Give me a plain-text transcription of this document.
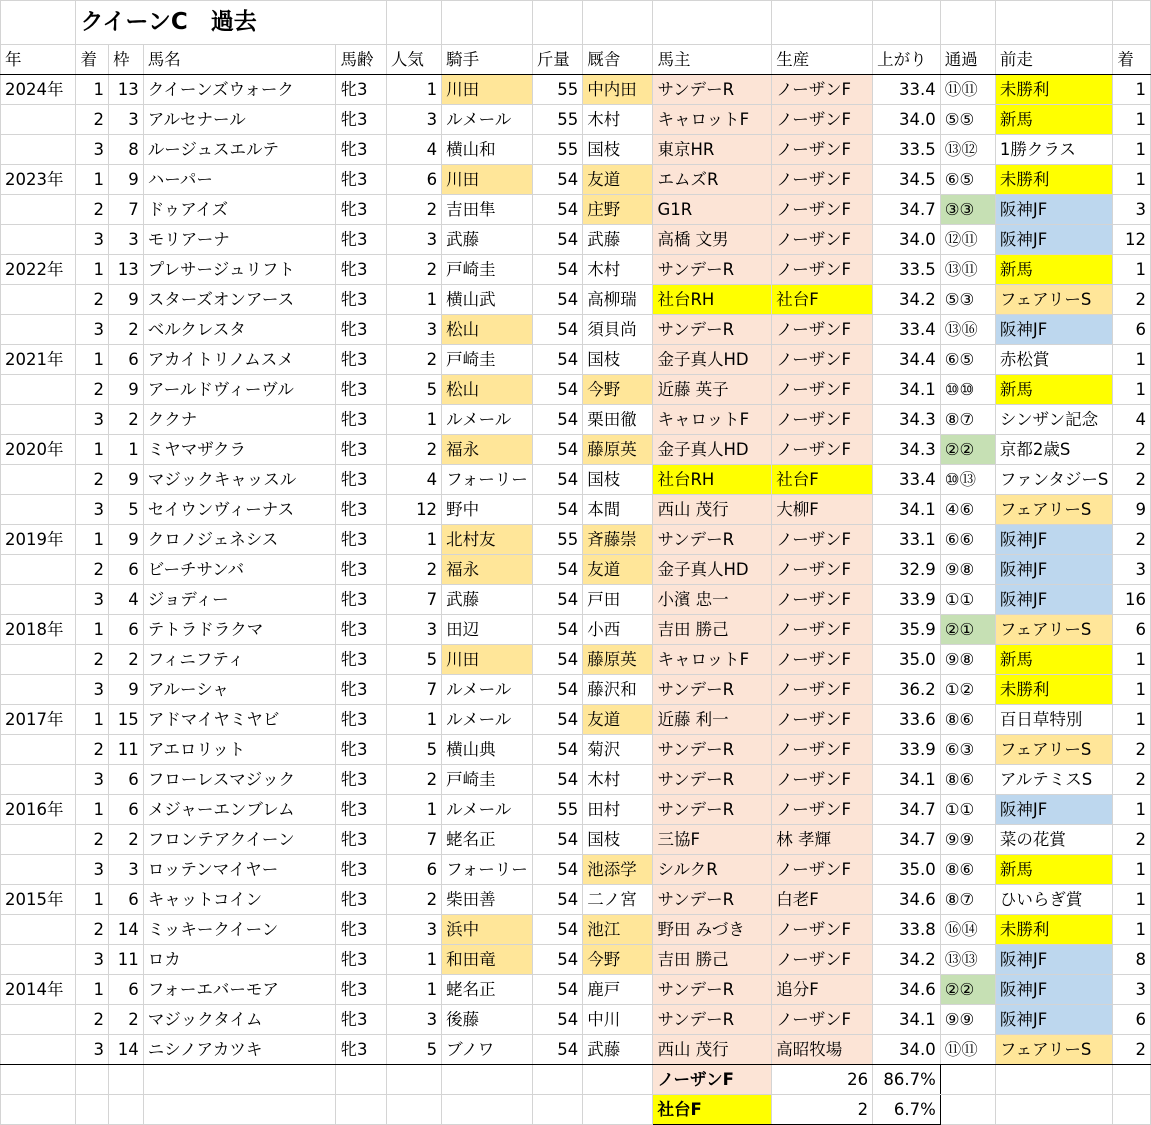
	クイーンC　過去													
年	着	枠	馬名	馬齢	人気	騎手	斤量	厩舎	馬主	生産	上がり	通過	前走	着
2024年	1	13	クイーンズウォーク	牝3	1	川田	55	中内田	サンデーR	ノーザンF	33.4	⑪⑪	未勝利	1
	2	3	アルセナール	牝3	3	ルメール	55	木村	キャロットF	ノーザンF	34.0	⑤⑤	新馬	1
	3	8	ルージュスエルテ	牝3	4	横山和	55	国枝	東京HR	ノーザンF	33.5	⑬⑫	1勝クラス	1
2023年	1	9	ハーパー	牝3	6	川田	54	友道	エムズR	ノーザンF	34.5	⑥⑤	未勝利	1
	2	7	ドゥアイズ	牝3	2	吉田隼	54	庄野	G1R	ノーザンF	34.7	③③	阪神JF	3
	3	3	モリアーナ	牝3	3	武藤	54	武藤	高橋 文男	ノーザンF	34.0	⑫⑪	阪神JF	12
2022年	1	13	プレサージュリフト	牝3	2	戸崎圭	54	木村	サンデーR	ノーザンF	33.5	⑬⑪	新馬	1
	2	9	スターズオンアース	牝3	1	横山武	54	高柳瑞	社台RH	社台F	34.2	⑤③	フェアリーS	2
	3	2	ベルクレスタ	牝3	3	松山	54	須貝尚	サンデーR	ノーザンF	33.4	⑬⑯	阪神JF	6
2021年	1	6	アカイトリノムスメ	牝3	2	戸崎圭	54	国枝	金子真人HD	ノーザンF	34.4	⑥⑤	赤松賞	1
	2	9	アールドヴィーヴル	牝3	5	松山	54	今野	近藤 英子	ノーザンF	34.1	⑩⑩	新馬	1
	3	2	ククナ	牝3	1	ルメール	54	栗田徹	キャロットF	ノーザンF	34.3	⑧⑦	シンザン記念	4
2020年	1	1	ミヤマザクラ	牝3	2	福永	54	藤原英	金子真人HD	ノーザンF	34.3	②②	京都2歳S	2
	2	9	マジックキャッスル	牝3	4	フォーリー	54	国枝	社台RH	社台F	33.4	⑩⑬	ファンタジーS	2
	3	5	セイウンヴィーナス	牝3	12	野中	54	本間	西山 茂行	大柳F	34.1	④⑥	フェアリーS	9
2019年	1	9	クロノジェネシス	牝3	1	北村友	55	斉藤崇	サンデーR	ノーザンF	33.1	⑥⑥	阪神JF	2
	2	6	ビーチサンバ	牝3	2	福永	54	友道	金子真人HD	ノーザンF	32.9	⑨⑧	阪神JF	3
	3	4	ジョディー	牝3	7	武藤	54	戸田	小濱 忠一	ノーザンF	33.9	①①	阪神JF	16
2018年	1	6	テトラドラクマ	牝3	3	田辺	54	小西	吉田 勝己	ノーザンF	35.9	②①	フェアリーS	6
	2	2	フィニフティ	牝3	5	川田	54	藤原英	キャロットF	ノーザンF	35.0	⑨⑧	新馬	1
	3	9	アルーシャ	牝3	7	ルメール	54	藤沢和	サンデーR	ノーザンF	36.2	①②	未勝利	1
2017年	1	15	アドマイヤミヤビ	牝3	1	ルメール	54	友道	近藤 利一	ノーザンF	33.6	⑧⑥	百日草特別	1
	2	11	アエロリット	牝3	5	横山典	54	菊沢	サンデーR	ノーザンF	33.9	⑥③	フェアリーS	2
	3	6	フローレスマジック	牝3	2	戸崎圭	54	木村	サンデーR	ノーザンF	34.1	⑧⑥	アルテミスS	2
2016年	1	6	メジャーエンブレム	牝3	1	ルメール	55	田村	サンデーR	ノーザンF	34.7	①①	阪神JF	1
	2	2	フロンテアクイーン	牝3	7	蛯名正	54	国枝	三協F	林 孝輝	34.7	⑨⑨	菜の花賞	2
	3	3	ロッテンマイヤー	牝3	6	フォーリー	54	池添学	シルクR	ノーザンF	35.0	⑧⑥	新馬	1
2015年	1	6	キャットコイン	牝3	2	柴田善	54	二ノ宮	サンデーR	白老F	34.6	⑧⑦	ひいらぎ賞	1
	2	14	ミッキークイーン	牝3	3	浜中	54	池江	野田 みづき	ノーザンF	33.8	⑯⑭	未勝利	1
	3	11	ロカ	牝3	1	和田竜	54	今野	吉田 勝己	ノーザンF	34.2	⑬⑬	阪神JF	8
2014年	1	6	フォーエバーモア	牝3	1	蛯名正	54	鹿戸	サンデーR	追分F	34.6	②②	阪神JF	3
	2	2	マジックタイム	牝3	3	後藤	54	中川	サンデーR	ノーザンF	34.1	⑨⑨	阪神JF	6
	3	14	ニシノアカツキ	牝3	5	ブノワ	54	武藤	西山 茂行	高昭牧場	34.0	⑪⑪	フェアリーS	2
									ノーザンF	26	86.7%			
									社台F	2	6.7%			
